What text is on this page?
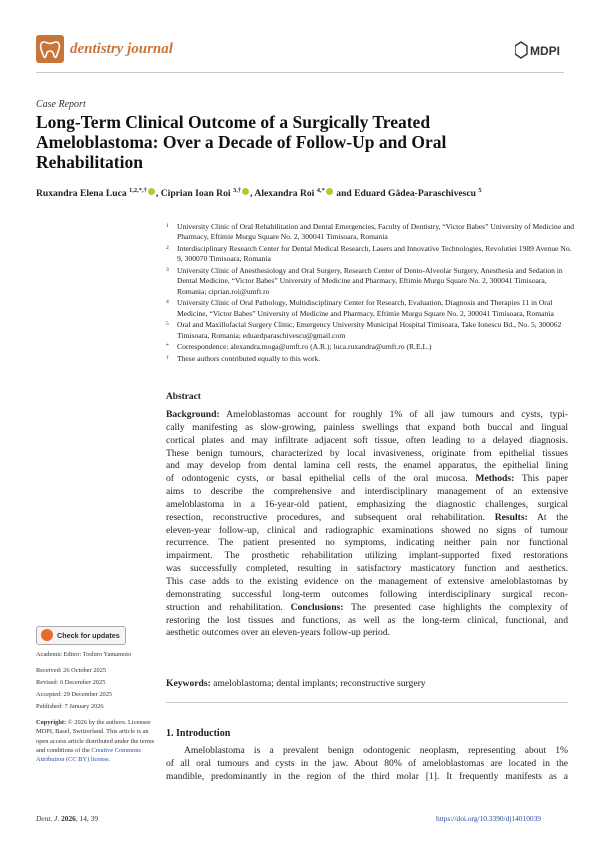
dentistry journal	MDPI
Case Report
Long-Term Clinical Outcome of a Surgically Treated Ameloblastoma: Over a Decade of Follow-Up and Oral Rehabilitation
Ruxandra Elena Luca $^{1,2,*,\dagger}$ , Ciprian Ioan Roi $^{3,\dagger}$ , Alexandra Roi $^{4,*}$ and Eduard Gâdea-Paraschivescu $^5$
1 University Clinic of Oral Rehabilitation and Dental Emergencies, Faculty of Dentistry, “Victor Babes” University of Medicine and Pharmacy, Eftimie Murgu Square No. 2, 300041 Timisoara, Romania
2 Interdisciplinary Research Center for Dental Medical Research, Lasers and Innovative Technologies, Revolutiei 1989 Avenue No. 9, 300070 Timisoara, Romania
3 University Clinic of Anesthesiology and Oral Surgery, Research Center of Dento-Alveolar Surgery, Anesthesia and Sedation in Dental Medicine, “Victor Babes” University of Medicine and Pharmacy, Eftimie Murgu Square No. 2, 300041 Timisoara, Romania; ciprian.roi@umft.ro
4 University Clinic of Oral Pathology, Multidisciplinary Center for Research, Evaluation, Diagnosis and Therapies 11 in Oral Medicine, “Victor Babes” University of Medicine and Pharmacy, Eftimie Murgu Square No. 2, 300041 Timisoara, Romania
5 Oral and Maxillofacial Surgery Clinic, Emergency University Municipal Hospital Timisoara, Take Ionescu Bd., No. 5, 300062 Timisoara, Romania; eduardparaschivescu@gmail.com
* Correspondence: alexandra.moga@umft.ro (A.R.); luca.ruxandra@umft.ro (R.E.L.)
† These authors contributed equally to this work.
Check for updates
Academic Editor: Toshiro Yamamoto
Received: 26 October 2025
Revised: 6 December 2025
Accepted: 29 December 2025
Published: 7 January 2026
Copyright: © 2026 by the authors. Licensee MDPI, Basel, Switzerland. This article is an open access article distributed under the terms and conditions of the Creative Commons Attribution (CC BY) license.
Abstract
Background: Ameloblastomas account for roughly 1% of all jaw tumours and cysts, typi-
cally manifesting as slow-growing, painless swellings that expand both buccal and lingual
cortical plates and may infiltrate adjacent soft tissue, often leading to a delayed diagnosis.
These benign tumours, characterized by local invasiveness, originate from epithelial tissues
and may develop from dental lamina cell rests, the enamel apparatus, the epithelial lining
of odontogenic cysts, or basal epithelial cells of the oral mucosa. Methods: This paper
aims to describe the comprehensive and interdisciplinary management of an extensive
ameloblastoma in a 16-year-old patient, emphasizing the diagnostic challenges, surgical
resection, reconstructive procedures, and subsequent oral rehabilitation. Results: At the
eleven-year follow-up, clinical and radiographic examinations showed no signs of tumour
recurrence. The patient presented no symptoms, indicating neither pain nor functional
impairment. The prosthetic rehabilitation utilizing implant-supported fixed restorations
was successfully completed, resulting in satisfactory masticatory function and aesthetics.
This case adds to the existing evidence on the management of extensive ameloblastomas by
demonstrating successful long-term outcomes following interdisciplinary surgical recon-
struction and rehabilitation. Conclusions: The presented case highlights the complexity of
restoring the lost tissues and functions, as well as the long-term clinical, functional, and
aesthetic outcomes over an eleven-years follow-up period.
Keywords: ameloblastoma; dental implants; reconstructive surgery
1. Introduction
Ameloblastoma is a prevalent benign odontogenic neoplasm, representing about 1%
of all oral tumours and cysts in the jaw. About 80% of ameloblastomas are located in the
mandible, predominantly in the region of the third molar [1]. It frequently manifests as a
Dent. J. 2026, 14, 39	https://doi.org/10.3390/dj14010039
